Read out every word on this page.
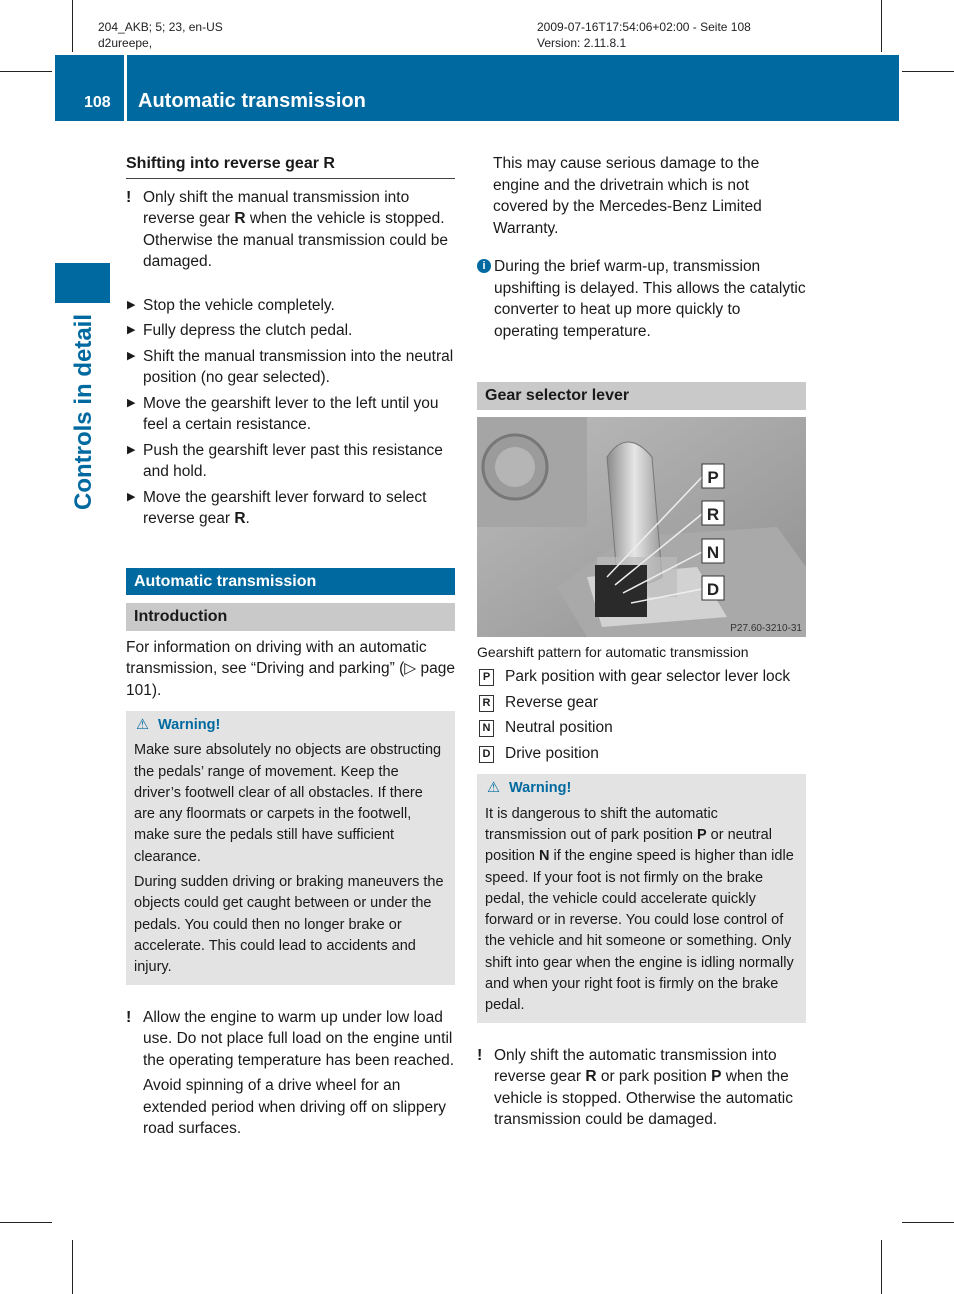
204_AKB; 5; 23, en-US
d2ureepe,
2009-07-16T17:54:06+02:00 - Seite 108
Version: 2.11.8.1
108 Automatic transmission
Controls in detail
Shifting into reverse gear R
! Only shift the manual transmission into reverse gear R when the vehicle is stopped. Otherwise the manual transmission could be damaged.

▶ Stop the vehicle completely.
▶ Fully depress the clutch pedal.
▶ Shift the manual transmission into the neutral position (no gear selected).
▶ Move the gearshift lever to the left until you feel a certain resistance.
▶ Push the gearshift lever past this resistance and hold.
▶ Move the gearshift lever forward to select reverse gear R.
Automatic transmission
Introduction

For information on driving with an automatic transmission, see “Driving and parking” (▷ page 101).

⚠ Warning!

Make sure absolutely no objects are obstructing the pedals’ range of movement. Keep the driver’s footwell clear of all obstacles. If there are any floormats or carpets in the footwell, make sure the pedals still have sufficient clearance.

During sudden driving or braking maneuvers the objects could get caught between or under the pedals. You could then no longer brake or accelerate. This could lead to accidents and injury.

! Allow the engine to warm up under low load use. Do not place full load on the engine until the operating temperature has been reached.

Avoid spinning of a drive wheel for an extended period when driving off on slippery road surfaces.

This may cause serious damage to the engine and the drivetrain which is not covered by the Mercedes-Benz Limited Warranty.

i During the brief warm-up, transmission upshifting is delayed. This allows the catalytic converter to heat up more quickly to operating temperature.

Gear selector lever
P
R
N
D
P27.60-3210-31
Gearshift pattern for automatic transmission
P Park position with gear selector lever lock
R Reverse gear
N Neutral position
D Drive position
⚠ Warning!

It is dangerous to shift the automatic transmission out of park position P or neutral position N if the engine speed is higher than idle speed. If your foot is not firmly on the brake pedal, the vehicle could accelerate quickly forward or in reverse. You could lose control of the vehicle and hit someone or something. Only shift into gear when the engine is idling normally and when your right foot is firmly on the brake pedal.

! Only shift the automatic transmission into reverse gear R or park position P when the vehicle is stopped. Otherwise the automatic transmission could be damaged.
